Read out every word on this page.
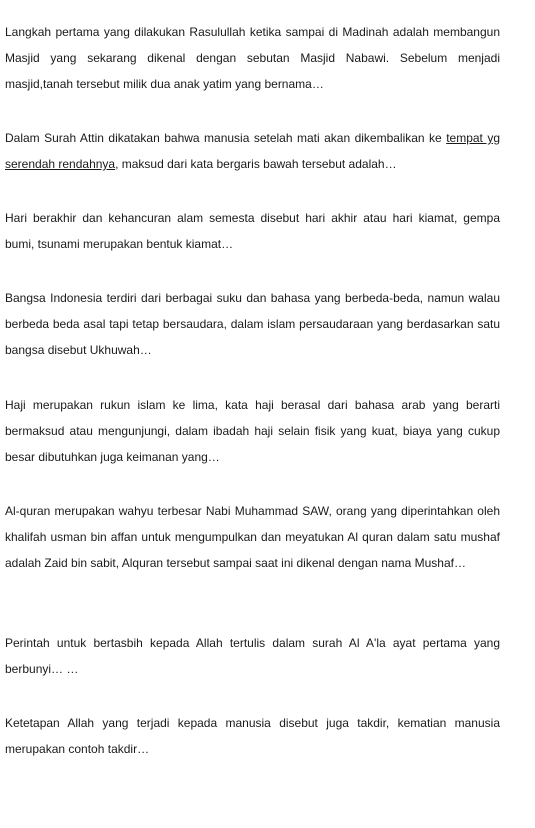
Langkah pertama yang dilakukan Rasulullah ketika sampai di Madinah adalah membangun Masjid yang sekarang dikenal dengan sebutan Masjid Nabawi. Sebelum menjadi masjid,tanah tersebut milik dua anak yatim yang bernama…

Dalam Surah Attin dikatakan bahwa manusia setelah mati akan dikembalikan ke tempat yg serendah rendahnya, maksud dari kata bergaris bawah tersebut adalah…

Hari berakhir dan kehancuran alam semesta disebut hari akhir atau hari kiamat, gempa bumi, tsunami merupakan bentuk kiamat…

Bangsa Indonesia terdiri dari berbagai suku dan bahasa yang berbeda-beda, namun walau berbeda beda asal tapi tetap bersaudara, dalam islam persaudaraan yang berdasarkan satu bangsa disebut Ukhuwah…

Haji merupakan rukun islam ke lima, kata haji berasal dari bahasa arab yang berarti bermaksud atau mengunjungi, dalam ibadah haji selain fisik yang kuat, biaya yang cukup besar dibutuhkan juga keimanan yang…

Al-quran merupakan wahyu terbesar Nabi Muhammad SAW, orang yang diperintahkan oleh khalifah usman bin affan untuk mengumpulkan dan meyatukan Al quran dalam satu mushaf adalah Zaid bin sabit, Alquran tersebut sampai saat ini dikenal dengan nama Mushaf…

Perintah untuk bertasbih kepada Allah tertulis dalam surah Al A'la ayat pertama yang berbunyi… …

Ketetapan Allah yang terjadi kepada manusia disebut juga takdir, kematian manusia merupakan contoh takdir…
